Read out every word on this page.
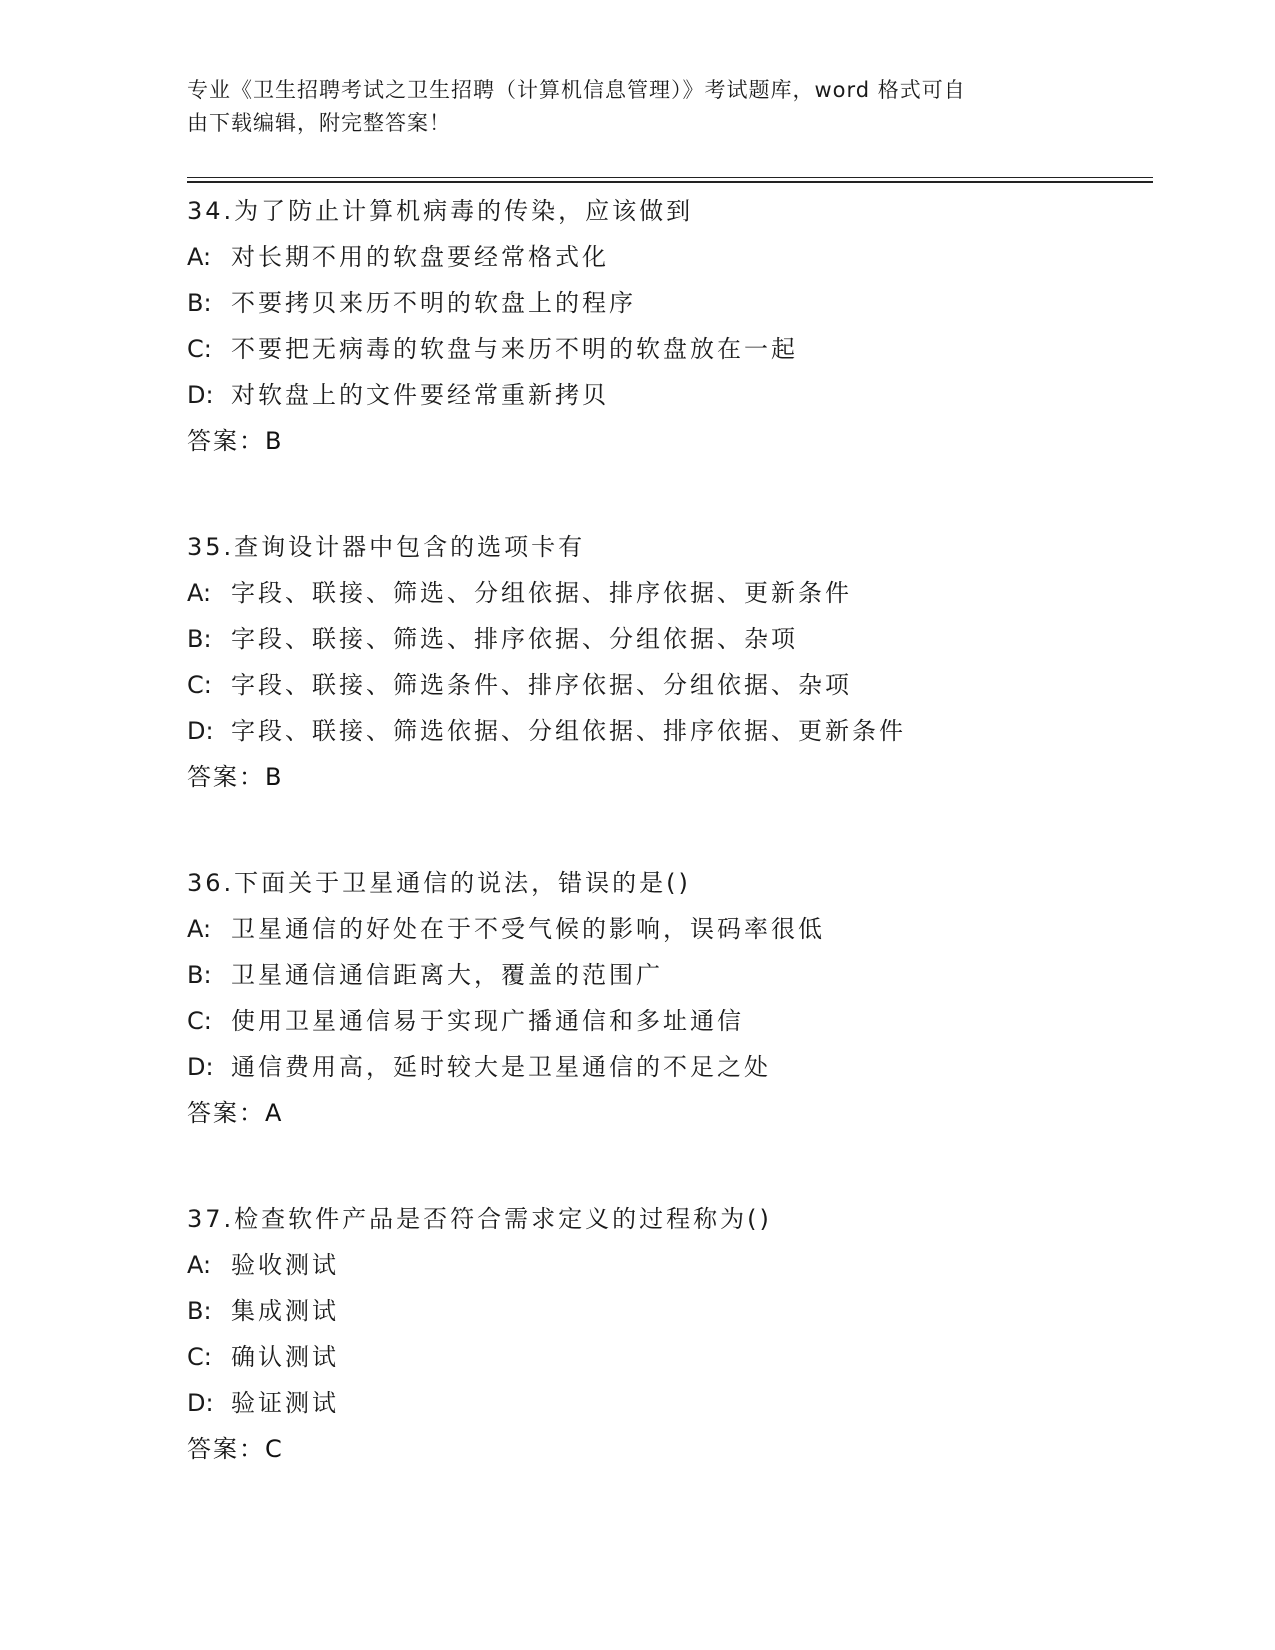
专业《卫生招聘考试之卫生招聘（计算机信息管理）》考试题库，word 格式可自
由下载编辑，附完整答案！
34.为了防止计算机病毒的传染，应该做到
A: 对长期不用的软盘要经常格式化
B: 不要拷贝来历不明的软盘上的程序
C: 不要把无病毒的软盘与来历不明的软盘放在一起
D: 对软盘上的文件要经常重新拷贝
答案：B
35.查询设计器中包含的选项卡有
A: 字段、联接、筛选、分组依据、排序依据、更新条件
B: 字段、联接、筛选、排序依据、分组依据、杂项
C: 字段、联接、筛选条件、排序依据、分组依据、杂项
D: 字段、联接、筛选依据、分组依据、排序依据、更新条件
答案：B
36.下面关于卫星通信的说法，错误的是()
A: 卫星通信的好处在于不受气候的影响，误码率很低
B: 卫星通信通信距离大，覆盖的范围广
C: 使用卫星通信易于实现广播通信和多址通信
D: 通信费用高，延时较大是卫星通信的不足之处
答案：A
37.检查软件产品是否符合需求定义的过程称为()
A: 验收测试
B: 集成测试
C: 确认测试
D: 验证测试
答案：C
